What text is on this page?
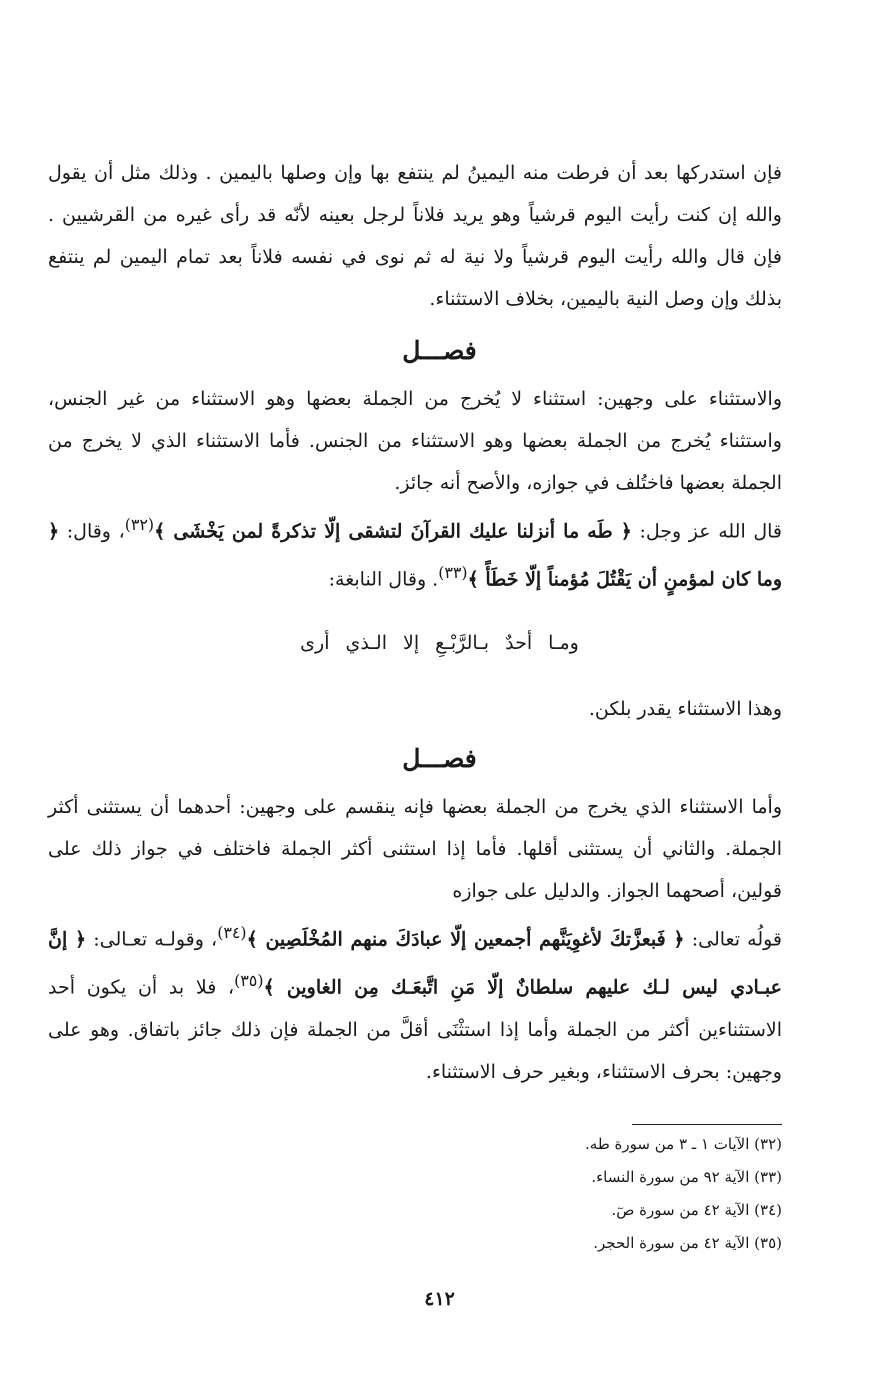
فإن استدركها بعد أن فرطت منه اليمينُ لم ينتفع بها وإن وصلها باليمين . وذلك مثل أن يقول والله إن كنت رأيت اليوم قرشياً وهو يريد فلاناً لرجل بعينه لأنّه قد رأى غيره من القرشيين . فإن قال والله رأيت اليوم قرشياً ولا نية له ثم نوى في نفسه فلاناً بعد تمام اليمين لم ينتفع بذلك وإن وصل النية باليمين، بخلاف الاستثناء.

فصـــل

والاستثناء على وجهين: استثناء لا يُخرج من الجملة بعضها وهو الاستثناء من غير الجنس، واستثناء يُخرج من الجملة بعضها وهو الاستثناء من الجنس. فأما الاستثناء الذي لا يخرج من الجملة بعضها فاختُلف في جوازه، والأصح أنه جائز.

قال الله عز وجل: ﴿ طَه ما أنزلنا عليك القرآنَ لتشقى إلّا تذكرةً لمن يَخْشَى ﴾$^{(٣٢)}$، وقال: ﴿ وما كان لمؤمنٍ أن يَقْتُلَ مُؤمناً إلّا خَطَأً ﴾$^{(٣٣)}$. وقال النابغة:

ومـا أحدٌ بـالرَّبْـعِ إلا الـذي أرى

وهذا الاستثناء يقدر بلكن.

فصـــل

وأما الاستثناء الذي يخرج من الجملة بعضها فإنه ينقسم على وجهين: أحدهما أن يستثنى أكثر الجملة. والثاني أن يستثنى أقلها. فأما إذا استثنى أكثر الجملة فاختلف في جواز ذلك على قولين، أصحهما الجواز. والدليل على جوازه

قولُه تعالى: ﴿ فَبعزَّتكَ لأغوِيَنَّهم أجمعين إلّا عبادَكَ منهم المُخْلَصِين ﴾$^{(٣٤)}$، وقولـه تعـالى: ﴿ إنَّ عبـادي ليس لـك عليهم سلطانٌ إلّا مَنِ اتَّبعَـك مِن الغاوين ﴾$^{(٣٥)}$، فلا بد أن يكون أحد الاستثناءين أكثر من الجملة وأما إذا استثْنَى أقلَّ من الجملة فإن ذلك جائز باتفاق. وهو على وجهين: بحرف الاستثناء، وبغير حرف الاستثناء.

(٣٢) الآيات ١ ـ ٣ من سورة طه.
(٣٣) الآية ٩٢ من سورة النساء.
(٣٤) الآية ٤٢ من سورة صٓ.
(٣٥) الآية ٤٢ من سورة الحجر.
٤١٢
